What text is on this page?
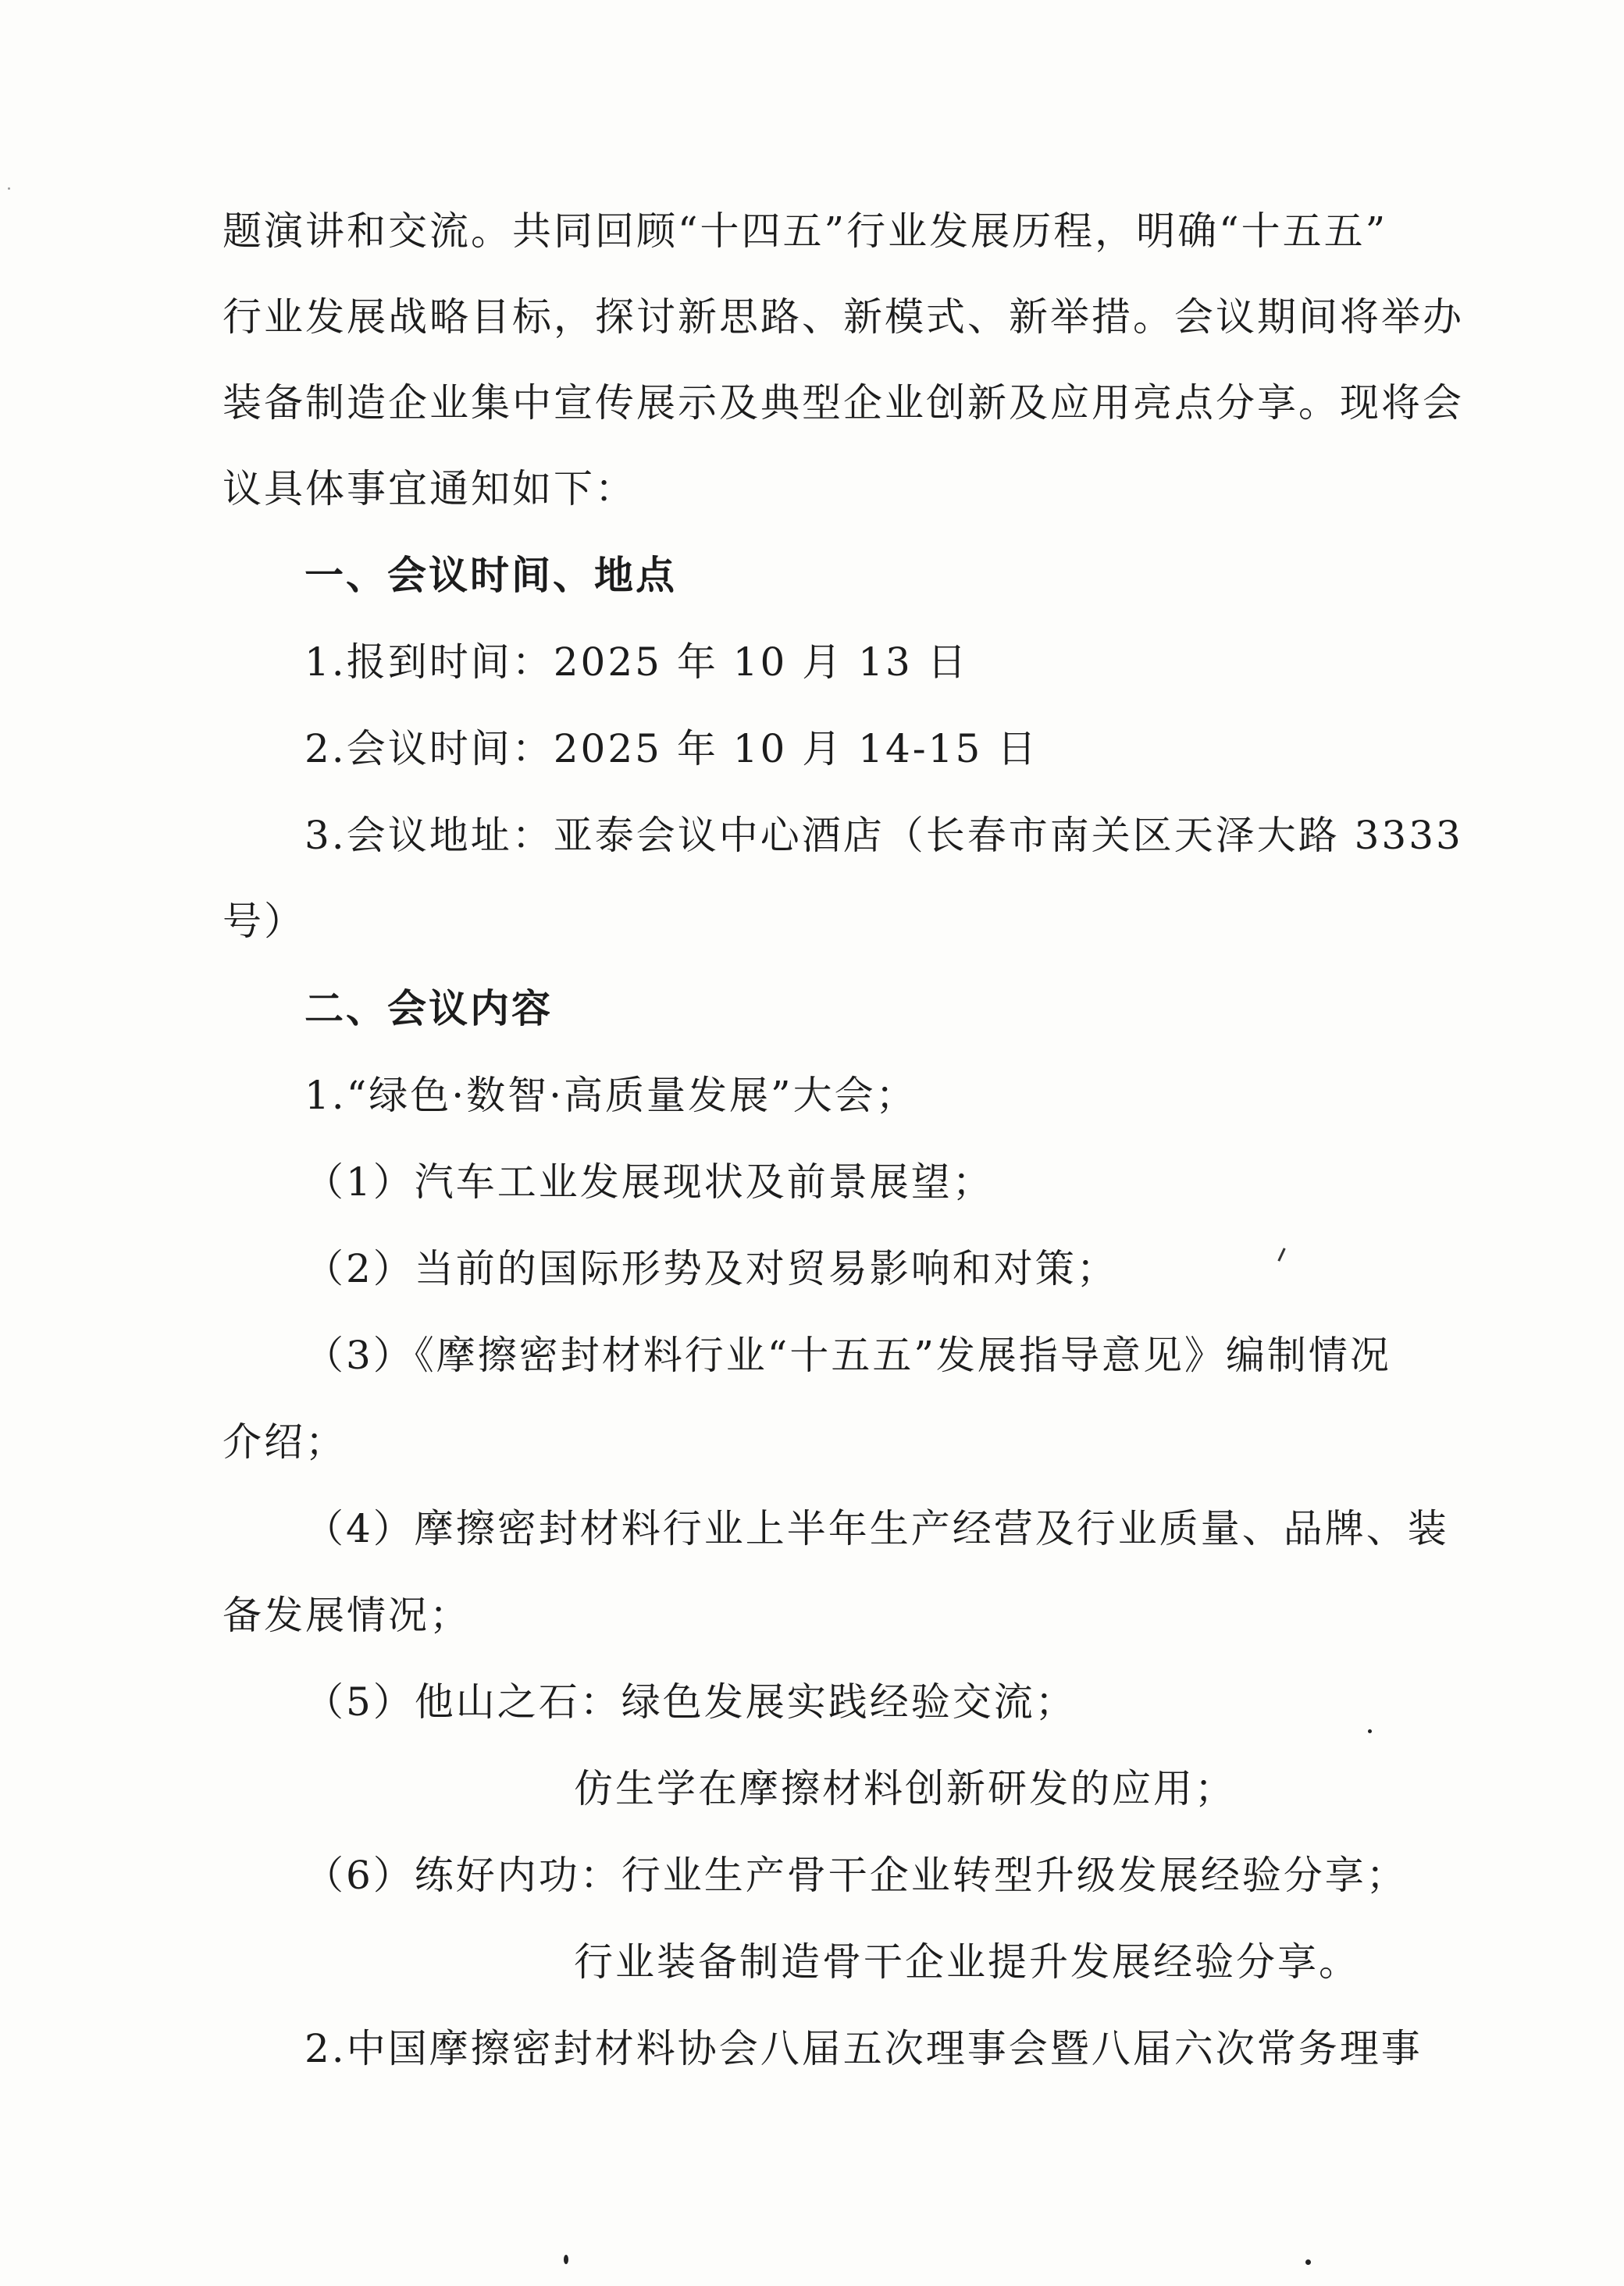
题演讲和交流。共同回顾“十四五”行业发展历程，明确“十五五”
行业发展战略目标，探讨新思路、新模式、新举措。会议期间将举办
装备制造企业集中宣传展示及典型企业创新及应用亮点分享。现将会
议具体事宜通知如下：
一、会议时间、地点
1.报到时间：2025 年 10 月 13 日
2.会议时间：2025 年 10 月 14-15 日
3.会议地址：亚泰会议中心酒店（长春市南关区天泽大路 3333
号）
二、会议内容
1.“绿色·数智·高质量发展”大会；
（1）汽车工业发展现状及前景展望；
（2）当前的国际形势及对贸易影响和对策；
（3）《摩擦密封材料行业“十五五”发展指导意见》编制情况
介绍；
（4）摩擦密封材料行业上半年生产经营及行业质量、品牌、装
备发展情况；
（5）他山之石：绿色发展实践经验交流；
仿生学在摩擦材料创新研发的应用；
（6）练好内功：行业生产骨干企业转型升级发展经验分享；
行业装备制造骨干企业提升发展经验分享。
2.中国摩擦密封材料协会八届五次理事会暨八届六次常务理事
